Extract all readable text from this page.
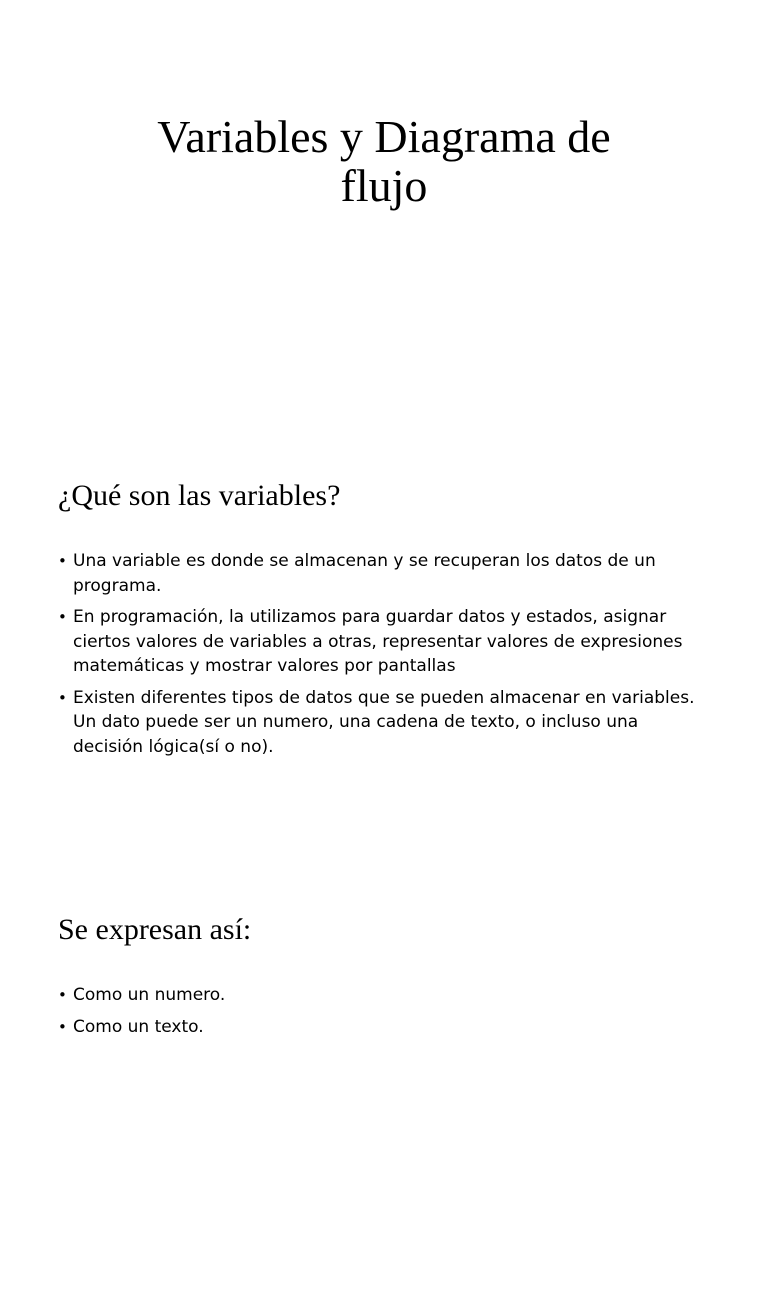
Variables y Diagrama de
flujo
¿Qué son las variables?
• Una variable es donde se almacenan y se recuperan los datos de un programa.
• En programación, la utilizamos para guardar datos y estados, asignar ciertos valores de variables a otras, representar valores de expresiones matemáticas y mostrar valores por pantallas
• Existen diferentes tipos de datos que se pueden almacenar en variables. Un dato puede ser un numero, una cadena de texto, o incluso una decisión lógica(sí o no).
Se expresan así:
• Como un numero.
• Como un texto.
